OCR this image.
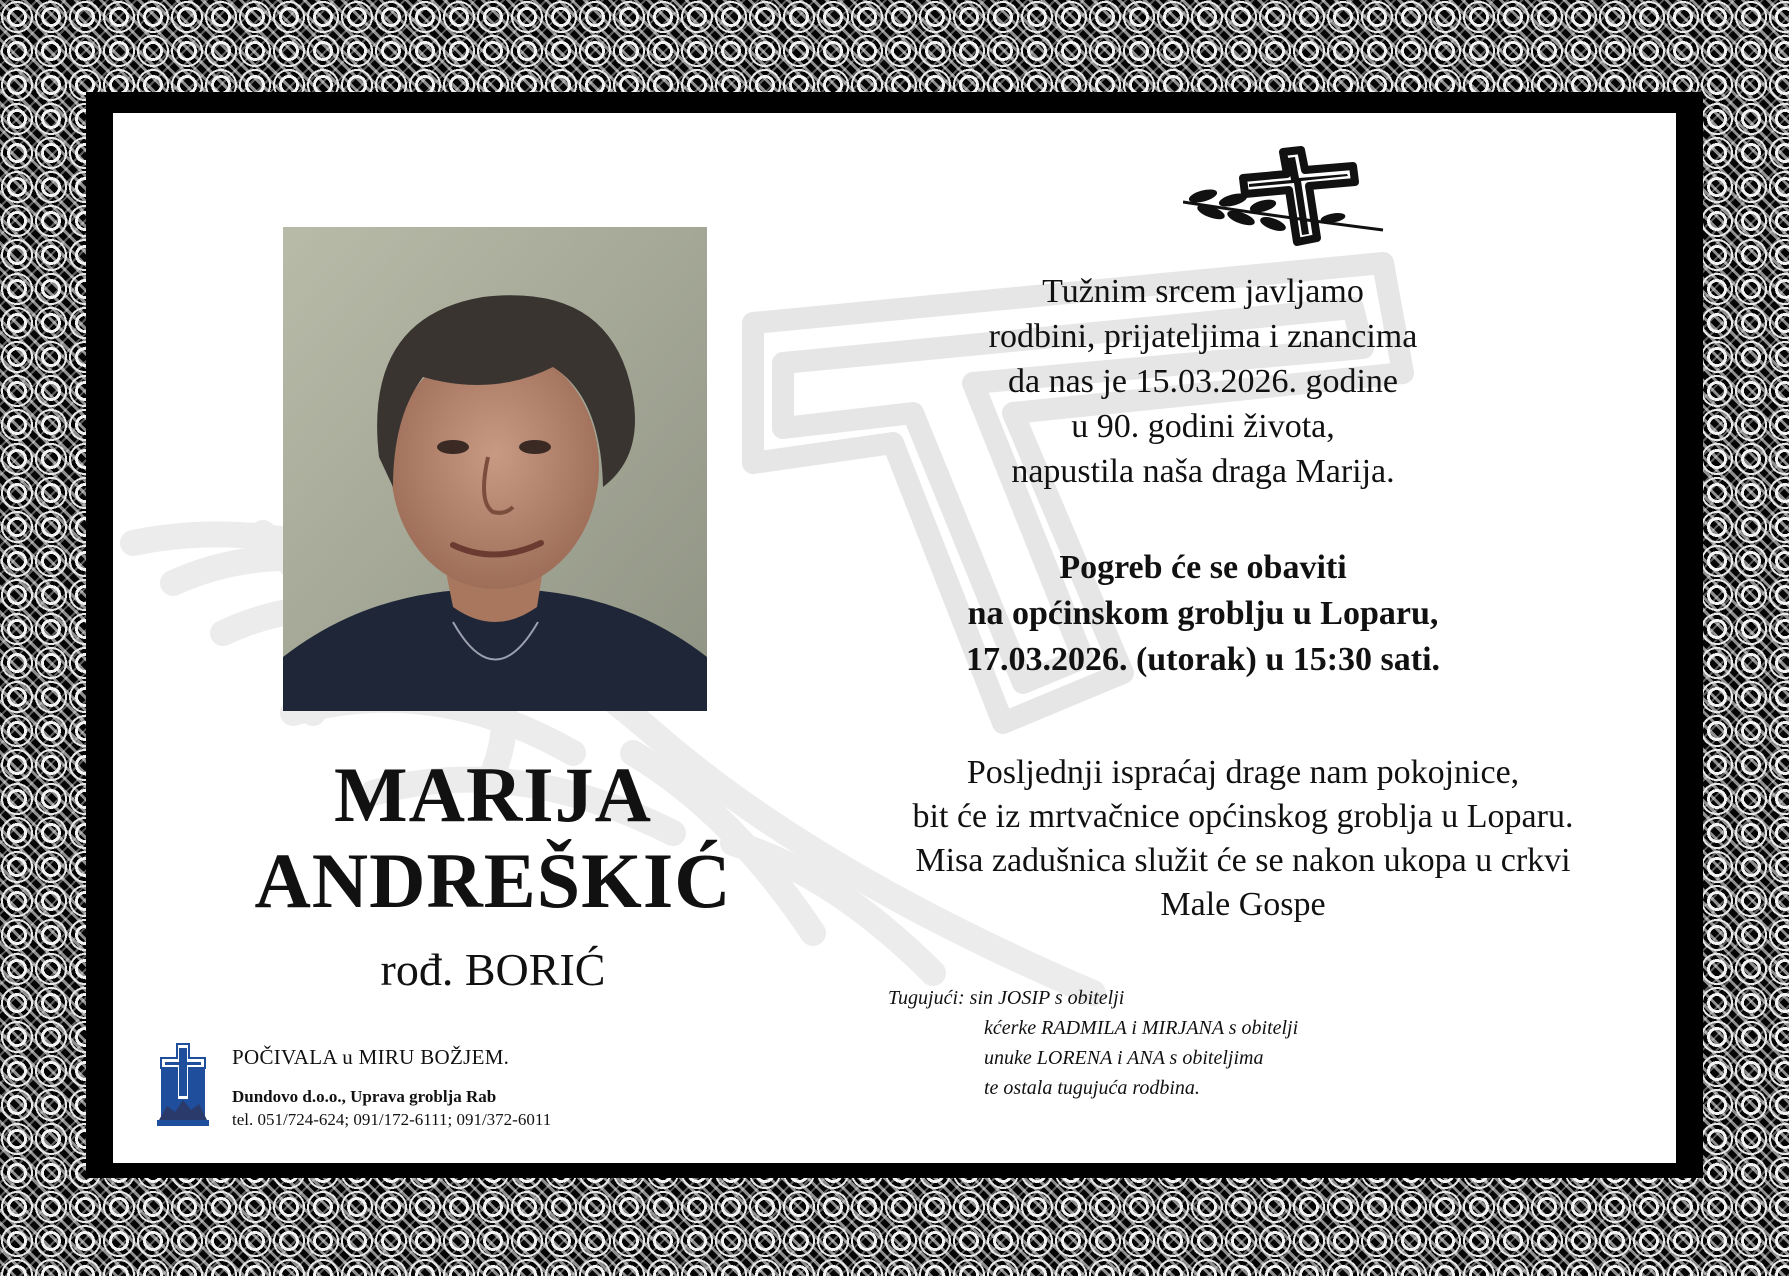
MARIJA
ANDREŠKIĆ
rođ. BORIĆ
Tužnim srcem javljamo
rodbini, prijateljima i znancima
da nas je 15.03.2026. godine
u 90. godini života,
napustila naša draga Marija.
Pogreb će se obaviti
na općinskom groblju u Loparu,
17.03.2026. (utorak) u 15:30 sati.
Posljednji ispraćaj drage nam pokojnice,
bit će iz mrtvačnice općinskog groblja u Loparu.
Misa zadušnica služit će se nakon ukopa u crkvi
Male Gospe
Tugujući: sin JOSIP s obitelji
kćerke RADMILA i MIRJANA s obitelji
unuke LORENA i ANA s obiteljima
te ostala tugujuća rodbina.
POČIVALA u MIRU BOŽJEM.
Dundovo d.o.o., Uprava groblja Rab
tel. 051/724-624; 091/172-6111; 091/372-6011
